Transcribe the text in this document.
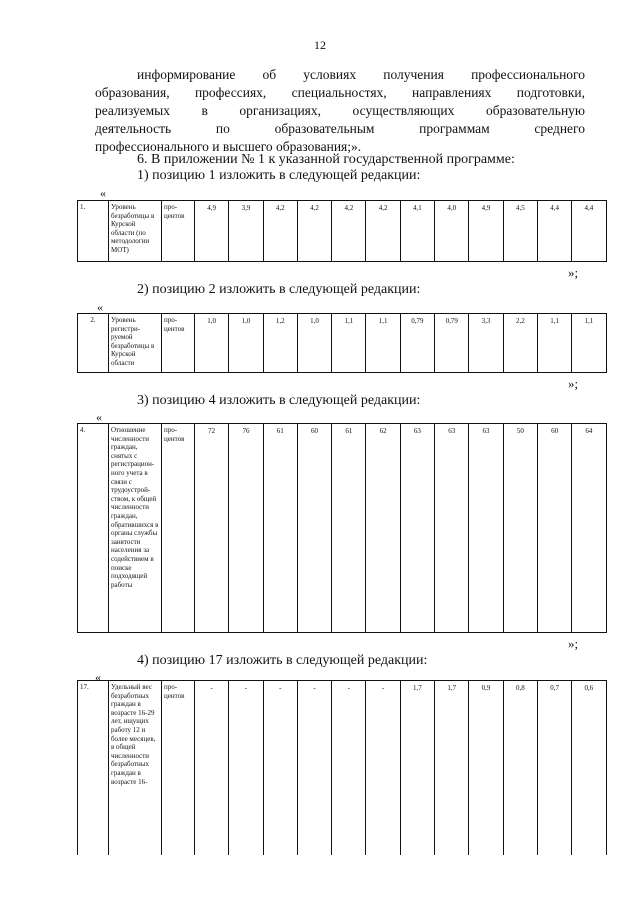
12
информирование об условиях получения профессионального
образования, профессиях, специальностях, направлениях подготовки,
реализуемых в организациях, осуществляющих образовательную
деятельность по образовательным программам среднего
профессионального и высшего образования;».
6. В приложении № 1 к указанной государственной программе:
1) позицию 1 изложить в следующей редакции:
«
1.	Уровень безработицы в Курской области (по методологии МОТ)	про-центов	4,9	3,9	4,2	4,2	4,2	4,2	4,1	4,0	4,9	4,5	4,4	4,4
»;
2) позицию 2 изложить в следующей редакции:
«
2.	Уровень регистри-руемой безработицы в Курской области	про-центов	1,0	1,0	1,2	1,0	1,1	1,1	0,79	0,79	3,3	2,2	1,1	1,1
»;
3) позицию 4 изложить в следующей редакции:
«
4.	Отношение численности граждан, снятых с регистрацион-ного учета в связи с трудоустрой-ством, к общей численности граждан, обратившихся в органы службы занятости населения за содействием в поиске подходящей работы	про-центов	72	76	61	60	61	62	63	63	63	50	60	64
»;
4) позицию 17 изложить в следующей редакции:
«
17.	Удельный вес безработных граждан в возрасте 16-29 лет, ищущих работу 12 и более месяцев, в общей численности безработных граждан в возрасте 16-	про-центов	-	-	-	-	-	-	1,7	1,7	0,9	0,8	0,7	0,6
